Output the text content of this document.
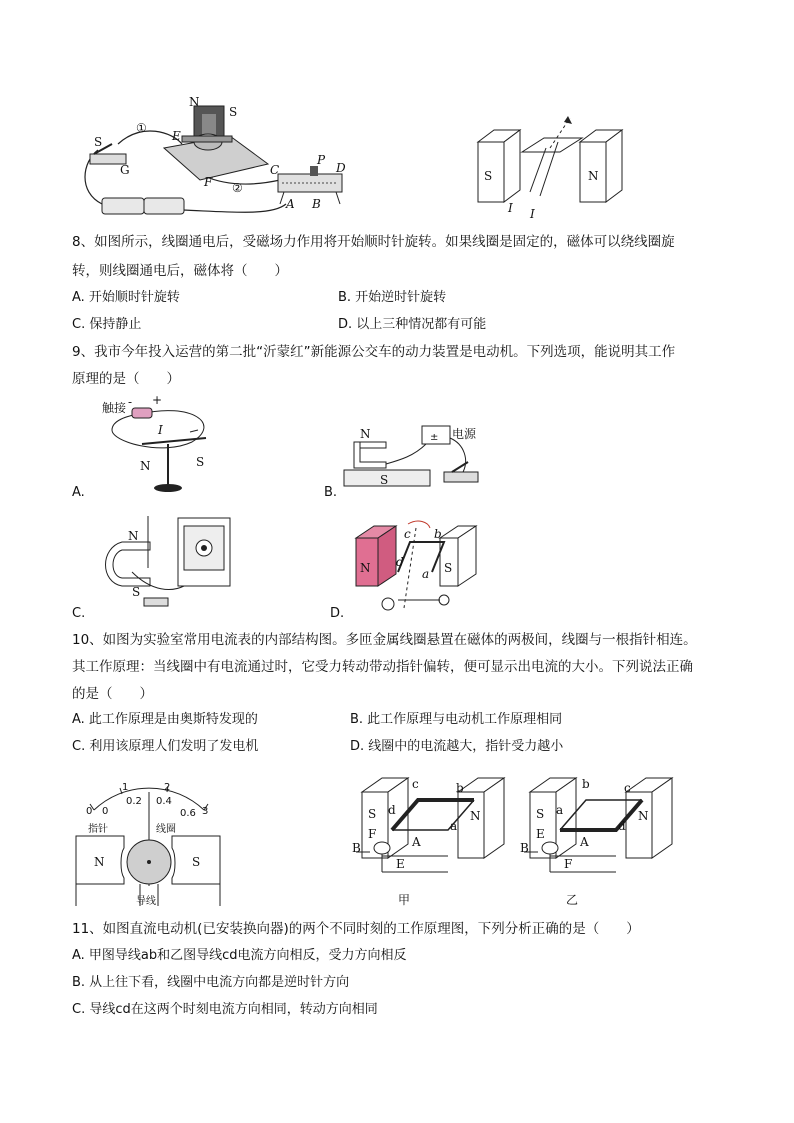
N
S
①
E
S
G
F ②
C
P
D
A B
S	N
I I
8、如图所示，线圈通电后，受磁场力作用将开始顺时针旋转。如果线圈是固定的，磁体可以绕线圈旋
转，则线圈通电后，磁体将（　　）
A. 开始顺时针旋转	B. 开始逆时针旋转
C. 保持静止	D. 以上三种情况都有可能
9、我市今年投入运营的第二批“沂蒙红”新能源公交车的动力装置是电动机。下列选项，能说明其工作
原理的是（　　）
触接 - +
I
N	S
A.
N
S
电源
±
B.
N
S
C.
N	S
c b
d
a
D.
10、如图为实验室常用电流表的内部结构图。多匝金属线圈悬置在磁体的两极间，线圈与一根指针相连。
其工作原理：当线圈中有电流通过时，它受力转动带动指针偏转，便可显示出电流的大小。下列说法正确
的是（　　）
A. 此工作原理是由奥斯特发现的	B. 此工作原理与电动机工作原理相同
C. 利用该原理人们发明了发电机	D. 线圈中的电流越大，指针受力越小
0
1	2
3
0
0.2 0.4
0.6
指针	线圈
N	S
导线
S
c	b
N
d
a
F
A
B
E
甲
S
b	c
N
a
d
E
A
B
F
乙
11、如图直流电动机(已安装换向器)的两个不同时刻的工作原理图，下列分析正确的是（　　）
A. 甲图导线ab和乙图导线cd电流方向相反，受力方向相反
B. 从上往下看，线圈中电流方向都是逆时针方向
C. 导线cd在这两个时刻电流方向相同，转动方向相同
